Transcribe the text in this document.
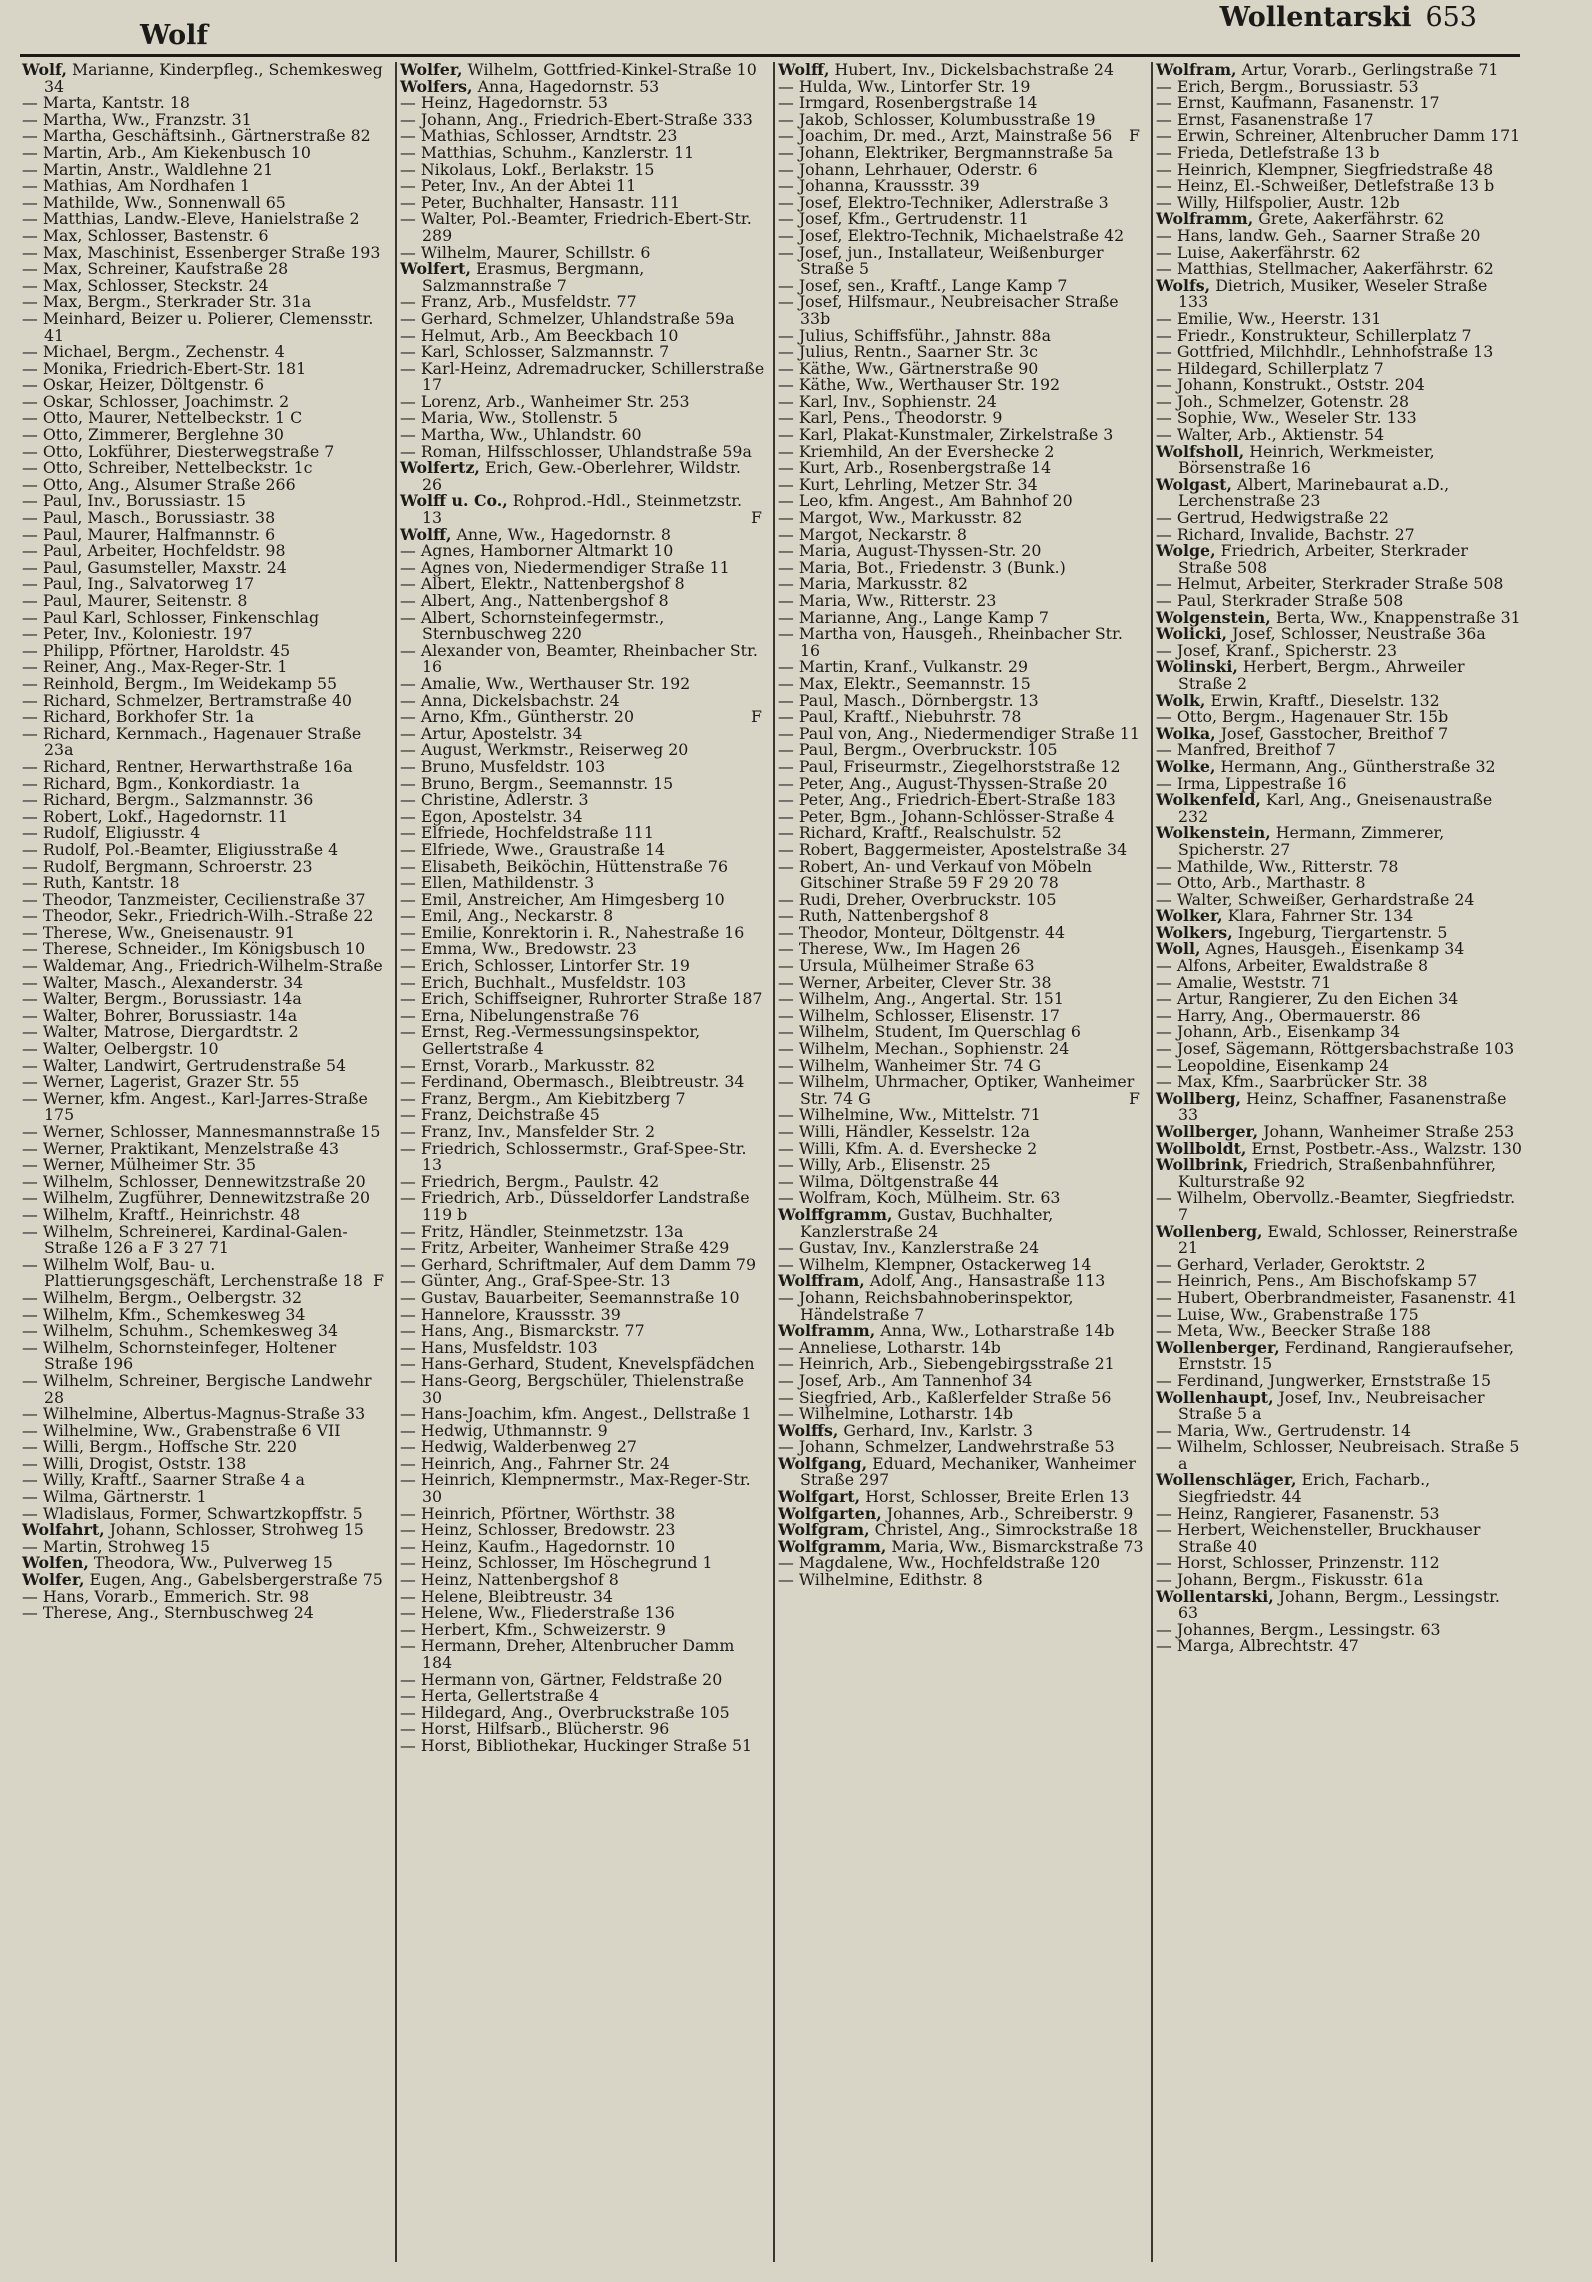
Wolf
Wollentarski 653
Wolf, Marianne, Kinderpfleg., Schemkesweg 34
— Marta, Kantstr. 18
— Martha, Ww., Franzstr. 31
— Martha, Geschäftsinh., Gärtnerstraße 82
— Martin, Arb., Am Kiekenbusch 10
— Martin, Anstr., Waldlehne 21
— Mathias, Am Nordhafen 1
— Mathilde, Ww., Sonnenwall 65
— Matthias, Landw.-Eleve, Hanielstraße 2
— Max, Schlosser, Bastenstr. 6
— Max, Maschinist, Essenberger Straße 193
— Max, Schreiner, Kaufstraße 28
— Max, Schlosser, Steckstr. 24
— Max, Bergm., Sterkrader Str. 31a
— Meinhard, Beizer u. Polierer, Clemensstr. 41
— Michael, Bergm., Zechenstr. 4
— Monika, Friedrich-Ebert-Str. 181
— Oskar, Heizer, Döltgenstr. 6
— Oskar, Schlosser, Joachimstr. 2
— Otto, Maurer, Nettelbeckstr. 1 C
— Otto, Zimmerer, Berglehne 30
— Otto, Lokführer, Diesterwegstraße 7
— Otto, Schreiber, Nettelbeckstr. 1c
— Otto, Ang., Alsumer Straße 266
— Paul, Inv., Borussiastr. 15
— Paul, Masch., Borussiastr. 38
— Paul, Maurer, Halfmannstr. 6
— Paul, Arbeiter, Hochfeldstr. 98
— Paul, Gasumsteller, Maxstr. 24
— Paul, Ing., Salvatorweg 17
— Paul, Maurer, Seitenstr. 8
— Paul Karl, Schlosser, Finkenschlag
— Peter, Inv., Koloniestr. 197
— Philipp, Pförtner, Haroldstr. 45
— Reiner, Ang., Max-Reger-Str. 1
— Reinhold, Bergm., Im Weidekamp 55
— Richard, Schmelzer, Bertramstraße 40
— Richard, Borkhofer Str. 1a
— Richard, Kernmach., Hagenauer Straße 23a
— Richard, Rentner, Herwarthstraße 16a
— Richard, Bgm., Konkordiastr. 1a
— Richard, Bergm., Salzmannstr. 36
— Robert, Lokf., Hagedornstr. 11
— Rudolf, Eligiusstr. 4
— Rudolf, Pol.-Beamter, Eligiusstraße 4
— Rudolf, Bergmann, Schroerstr. 23
— Ruth, Kantstr. 18
— Theodor, Tanzmeister, Cecilienstraße 37
— Theodor, Sekr., Friedrich-Wilh.-Straße 22
— Therese, Ww., Gneisenaustr. 91
— Therese, Schneider., Im Königsbusch 10
— Waldemar, Ang., Friedrich-Wilhelm-Straße
— Walter, Masch., Alexanderstr. 34
— Walter, Bergm., Borussiastr. 14a
— Walter, Bohrer, Borussiastr. 14a
— Walter, Matrose, Diergardtstr. 2
— Walter, Oelbergstr. 10
— Walter, Landwirt, Gertrudenstraße 54
— Werner, Lagerist, Grazer Str. 55
— Werner, kfm. Angest., Karl-Jarres-Straße 175
— Werner, Schlosser, Mannesmannstraße 15
— Werner, Praktikant, Menzelstraße 43
— Werner, Mülheimer Str. 35
— Wilhelm, Schlosser, Dennewitzstraße 20
— Wilhelm, Zugführer, Dennewitzstraße 20
— Wilhelm, Kraftf., Heinrichstr. 48
— Wilhelm, Schreinerei, Kardinal-Galen-Straße 126 a F 3 27 71
— Wilhelm Wolf, Bau- u. Plattierungsgeschäft, Lerchenstraße 18 F
— Wilhelm, Bergm., Oelbergstr. 32
— Wilhelm, Kfm., Schemkesweg 34
— Wilhelm, Schuhm., Schemkesweg 34
— Wilhelm, Schornsteinfeger, Holtener Straße 196
— Wilhelm, Schreiner, Bergische Landwehr 28
— Wilhelmine, Albertus-Magnus-Straße 33
— Wilhelmine, Ww., Grabenstraße 6 VII
— Willi, Bergm., Hoffsche Str. 220
— Willi, Drogist, Oststr. 138
— Willy, Kraftf., Saarner Straße 4 a
— Wilma, Gärtnerstr. 1
— Wladislaus, Former, Schwartzkopffstr. 5
Wolfahrt, Johann, Schlosser, Strohweg 15
— Martin, Strohweg 15
Wolfen, Theodora, Ww., Pulverweg 15
Wolfer, Eugen, Ang., Gabelsbergerstraße 75
— Hans, Vorarb., Emmerich. Str. 98
— Therese, Ang., Sternbuschweg 24
Wolfer, Wilhelm, Gottfried-Kinkel-Straße 10
Wolfers, Anna, Hagedornstr. 53
— Heinz, Hagedornstr. 53
— Johann, Ang., Friedrich-Ebert-Straße 333
— Mathias, Schlosser, Arndtstr. 23
— Matthias, Schuhm., Kanzlerstr. 11
— Nikolaus, Lokf., Berlakstr. 15
— Peter, Inv., An der Abtei 11
— Peter, Buchhalter, Hansastr. 111
— Walter, Pol.-Beamter, Friedrich-Ebert-Str. 289
— Wilhelm, Maurer, Schillstr. 6
Wolfert, Erasmus, Bergmann, Salzmannstraße 7
— Franz, Arb., Musfeldstr. 77
— Gerhard, Schmelzer, Uhlandstraße 59a
— Helmut, Arb., Am Beeckbach 10
— Karl, Schlosser, Salzmannstr. 7
— Karl-Heinz, Adremadrucker, Schillerstraße 17
— Lorenz, Arb., Wanheimer Str. 253
— Maria, Ww., Stollenstr. 5
— Martha, Ww., Uhlandstr. 60
— Roman, Hilfsschlosser, Uhlandstraße 59a
Wolfertz, Erich, Gew.-Oberlehrer, Wildstr. 26
Wolff u. Co., Rohprod.-Hdl., Steinmetzstr. 13	F
Wolff, Anne, Ww., Hagedornstr. 8
— Agnes, Hamborner Altmarkt 10
— Agnes von, Niedermendiger Straße 11
— Albert, Elektr., Nattenbergshof 8
— Albert, Ang., Nattenbergshof 8
— Albert, Schornsteinfegermstr., Sternbuschweg 220
— Alexander von, Beamter, Rheinbacher Str. 16
— Amalie, Ww., Werthauser Str. 192
— Anna, Dickelsbachstr. 24
— Arno, Kfm., Güntherstr. 20	F
— Artur, Apostelstr. 34
— August, Werkmstr., Reiserweg 20
— Bruno, Musfeldstr. 103
— Bruno, Bergm., Seemannstr. 15
— Christine, Adlerstr. 3
— Egon, Apostelstr. 34
— Elfriede, Hochfeldstraße 111
— Elfriede, Wwe., Graustraße 14
— Elisabeth, Beiköchin, Hüttenstraße 76
— Ellen, Mathildenstr. 3
— Emil, Anstreicher, Am Himgesberg 10
— Emil, Ang., Neckarstr. 8
— Emilie, Konrektorin i. R., Nahestraße 16
— Emma, Ww., Bredowstr. 23
— Erich, Schlosser, Lintorfer Str. 19
— Erich, Buchhalt., Musfeldstr. 103
— Erich, Schiffseigner, Ruhrorter Straße 187
— Erna, Nibelungenstraße 76
— Ernst, Reg.-Vermessungsinspektor, Gellertstraße 4
— Ernst, Vorarb., Markusstr. 82
— Ferdinand, Obermasch., Bleibtreustr. 34
— Franz, Bergm., Am Kiebitzberg 7
— Franz, Deichstraße 45
— Franz, Inv., Mansfelder Str. 2
— Friedrich, Schlossermstr., Graf-Spee-Str. 13
— Friedrich, Bergm., Paulstr. 42
— Friedrich, Arb., Düsseldorfer Landstraße 119 b
— Fritz, Händler, Steinmetzstr. 13a
— Fritz, Arbeiter, Wanheimer Straße 429
— Gerhard, Schriftmaler, Auf dem Damm 79
— Günter, Ang., Graf-Spee-Str. 13
— Gustav, Bauarbeiter, Seemannstraße 10
— Hannelore, Kraussstr. 39
— Hans, Ang., Bismarckstr. 77
— Hans, Musfeldstr. 103
— Hans-Gerhard, Student, Knevelspfädchen
— Hans-Georg, Bergschüler, Thielenstraße 30
— Hans-Joachim, kfm. Angest., Dellstraße 1
— Hedwig, Uthmannstr. 9
— Hedwig, Walderbenweg 27
— Heinrich, Ang., Fahrner Str. 24
— Heinrich, Klempnermstr., Max-Reger-Str. 30
— Heinrich, Pförtner, Wörthstr. 38
— Heinz, Schlosser, Bredowstr. 23
— Heinz, Kaufm., Hagedornstr. 10
— Heinz, Schlosser, Im Höschegrund 1
— Heinz, Nattenbergshof 8
— Helene, Bleibtreustr. 34
— Helene, Ww., Fliederstraße 136
— Herbert, Kfm., Schweizerstr. 9
— Hermann, Dreher, Altenbrucher Damm 184
— Hermann von, Gärtner, Feldstraße 20
— Herta, Gellertstraße 4
— Hildegard, Ang., Overbruckstraße 105
— Horst, Hilfsarb., Blücherstr. 96
— Horst, Bibliothekar, Huckinger Straße 51
Wolff, Hubert, Inv., Dickelsbachstraße 24
— Hulda, Ww., Lintorfer Str. 19
— Irmgard, Rosenbergstraße 14
— Jakob, Schlosser, Kolumbusstraße 19
— Joachim, Dr. med., Arzt, Mainstraße 56 F
— Johann, Elektriker, Bergmannstraße 5a
— Johann, Lehrhauer, Oderstr. 6
— Johanna, Kraussstr. 39
— Josef, Elektro-Techniker, Adlerstraße 3
— Josef, Kfm., Gertrudenstr. 11
— Josef, Elektro-Technik, Michaelstraße 42
— Josef, jun., Installateur, Weißenburger Straße 5
— Josef, sen., Kraftf., Lange Kamp 7
— Josef, Hilfsmaur., Neubreisacher Straße 33b
— Julius, Schiffsführ., Jahnstr. 88a
— Julius, Rentn., Saarner Str. 3c
— Käthe, Ww., Gärtnerstraße 90
— Käthe, Ww., Werthauser Str. 192
— Karl, Inv., Sophienstr. 24
— Karl, Pens., Theodorstr. 9
— Karl, Plakat-Kunstmaler, Zirkelstraße 3
— Kriemhild, An der Eversheckе 2
— Kurt, Arb., Rosenbergstraße 14
— Kurt, Lehrling, Metzer Str. 34
— Leo, kfm. Angest., Am Bahnhof 20
— Margot, Ww., Markusstr. 82
— Margot, Neckarstr. 8
— Maria, August-Thyssen-Str. 20
— Maria, Bot., Friedenstr. 3 (Bunk.)
— Maria, Markusstr. 82
— Maria, Ww., Ritterstr. 23
— Marianne, Ang., Lange Kamp 7
— Martha von, Hausgeh., Rheinbacher Str. 16
— Martin, Kranf., Vulkanstr. 29
— Max, Elektr., Seemannstr. 15
— Paul, Masch., Dörnbergstr. 13
— Paul, Kraftf., Niebuhrstr. 78
— Paul von, Ang., Niedermendiger Straße 11
— Paul, Bergm., Overbruckstr. 105
— Paul, Friseurmstr., Ziegelhorststraße 12
— Peter, Ang., August-Thyssen-Straße 20
— Peter, Ang., Friedrich-Ebert-Straße 183
— Peter, Bgm., Johann-Schlösser-Straße 4
— Richard, Kraftf., Realschulstr. 52
— Robert, Baggermeister, Apostelstraße 34
— Robert, An- und Verkauf von Möbeln Gitschiner Straße 59 F 29 20 78
— Rudi, Dreher, Overbruckstr. 105
— Ruth, Nattenbergshof 8
— Theodor, Monteur, Döltgenstr. 44
— Therese, Ww., Im Hagen 26
— Ursula, Mülheimer Straße 63
— Werner, Arbeiter, Clever Str. 38
— Wilhelm, Ang., Angertal. Str. 151
— Wilhelm, Schlosser, Elisenstr. 17
— Wilhelm, Student, Im Querschlag 6
— Wilhelm, Mechan., Sophienstr. 24
— Wilhelm, Wanheimer Str. 74 G
— Wilhelm, Uhrmacher, Optiker, Wanheimer Str. 74 G	F
— Wilhelmine, Ww., Mittelstr. 71
— Willi, Händler, Kesselstr. 12a
— Willi, Kfm. A. d. Eversheckе 2
— Willy, Arb., Elisenstr. 25
— Wilma, Döltgenstraße 44
— Wolfram, Koch, Mülheim. Str. 63
Wolffgramm, Gustav, Buchhalter, Kanzlerstraße 24
— Gustav, Inv., Kanzlerstraße 24
— Wilhelm, Klempner, Ostackerweg 14
Wolffram, Adolf, Ang., Hansastraße 113
— Johann, Reichsbahnoberinspektor, Händelstraße 7
Wolframm, Anna, Ww., Lotharstraße 14b
— Anneliese, Lotharstr. 14b
— Heinrich, Arb., Siebengebirgsstraße 21
— Josef, Arb., Am Tannenhof 34
— Siegfried, Arb., Kaßlerfelder Straße 56
— Wilhelmine, Lotharstr. 14b
Wolffs, Gerhard, Inv., Karlstr. 3
— Johann, Schmelzer, Landwehrstraße 53
Wolfgang, Eduard, Mechaniker, Wanheimer Straße 297
Wolfgart, Horst, Schlosser, Breite Erlen 13
Wolfgarten, Johannes, Arb., Schreiberstr. 9
Wolfgram, Christel, Ang., Simrockstraße 18
Wolfgramm, Maria, Ww., Bismarckstraße 73
— Magdalene, Ww., Hochfeldstraße 120
— Wilhelmine, Edithstr. 8
Wolfram, Artur, Vorarb., Gerlingstraße 71
— Erich, Bergm., Borussiastr. 53
— Ernst, Kaufmann, Fasanenstr. 17
— Ernst, Fasanenstraße 17
— Erwin, Schreiner, Altenbrucher Damm 171
— Frieda, Detlefstraße 13 b
— Heinrich, Klempner, Siegfriedstraße 48
— Heinz, El.-Schweißer, Detlefstraße 13 b
— Willy, Hilfspolier, Austr. 12b
Wolframm, Grete, Aakerfährstr. 62
— Hans, landw. Geh., Saarner Straße 20
— Luise, Aakerfährstr. 62
— Matthias, Stellmacher, Aakerfährstr. 62
Wolfs, Dietrich, Musiker, Weseler Straße 133
— Emilie, Ww., Heerstr. 131
— Friedr., Konstrukteur, Schillerplatz 7
— Gottfried, Milchhdlr., Lehnhofstraße 13
— Hildegard, Schillerplatz 7
— Johann, Konstrukt., Oststr. 204
— Joh., Schmelzer, Gotenstr. 28
— Sophie, Ww., Weseler Str. 133
— Walter, Arb., Aktienstr. 54
Wolfsholl, Heinrich, Werkmeister, Börsenstraße 16
Wolgast, Albert, Marinebaurat a.D., Lerchenstraße 23
— Gertrud, Hedwigstraße 22
— Richard, Invalide, Bachstr. 27
Wolge, Friedrich, Arbeiter, Sterkrader Straße 508
— Helmut, Arbeiter, Sterkrader Straße 508
— Paul, Sterkrader Straße 508
Wolgenstein, Berta, Ww., Knappenstraße 31
Wolicki, Josef, Schlosser, Neustraße 36a
— Josef, Kranf., Spicherstr. 23
Wolinski, Herbert, Bergm., Ahrweiler Straße 2
Wolk, Erwin, Kraftf., Dieselstr. 132
— Otto, Bergm., Hagenauer Str. 15b
Wolka, Josef, Gasstocher, Breithof 7
— Manfred, Breithof 7
Wolke, Hermann, Ang., Güntherstraße 32
— Irma, Lippestraße 16
Wolkenfeld, Karl, Ang., Gneisenaustraße 232
Wolkenstein, Hermann, Zimmerer, Spicherstr. 27
— Mathilde, Ww., Ritterstr. 78
— Otto, Arb., Marthastr. 8
— Walter, Schweißer, Gerhardstraße 24
Wolker, Klara, Fahrner Str. 134
Wolkers, Ingeburg, Tiergartenstr. 5
Woll, Agnes, Hausgeh., Eisenkamp 34
— Alfons, Arbeiter, Ewaldstraße 8
— Amalie, Weststr. 71
— Artur, Rangierer, Zu den Eichen 34
— Harry, Ang., Obermauerstr. 86
— Johann, Arb., Eisenkamp 34
— Josef, Sägemann, Röttgersbachstraße 103
— Leopoldine, Eisenkamp 24
— Max, Kfm., Saarbrücker Str. 38
Wollberg, Heinz, Schaffner, Fasanenstraße 33
Wollberger, Johann, Wanheimer Straße 253
Wollboldt, Ernst, Postbetr.-Ass., Walzstr. 130
Wollbrink, Friedrich, Straßenbahnführer, Kulturstraße 92
— Wilhelm, Obervollz.-Beamter, Siegfriedstr. 7
Wollenberg, Ewald, Schlosser, Reinerstraße 21
— Gerhard, Verlader, Geroktstr. 2
— Heinrich, Pens., Am Bischofskamp 57
— Hubert, Oberbrandmeister, Fasanenstr. 41
— Luise, Ww., Grabenstraße 175
— Meta, Ww., Beecker Straße 188
Wollenberger, Ferdinand, Rangieraufseher, Ernststr. 15
— Ferdinand, Jungwerker, Ernststraße 15
Wollenhaupt, Josef, Inv., Neubreisacher Straße 5 a
— Maria, Ww., Gertrudenstr. 14
— Wilhelm, Schlosser, Neubreisach. Straße 5 a
Wollenschläger, Erich, Facharb., Siegfriedstr. 44
— Heinz, Rangierer, Fasanenstr. 53
— Herbert, Weichensteller, Bruckhauser Straße 40
— Horst, Schlosser, Prinzenstr. 112
— Johann, Bergm., Fiskusstr. 61a
Wollentarski, Johann, Bergm., Lessingstr. 63
— Johannes, Bergm., Lessingstr. 63
— Marga, Albrechtstr. 47
